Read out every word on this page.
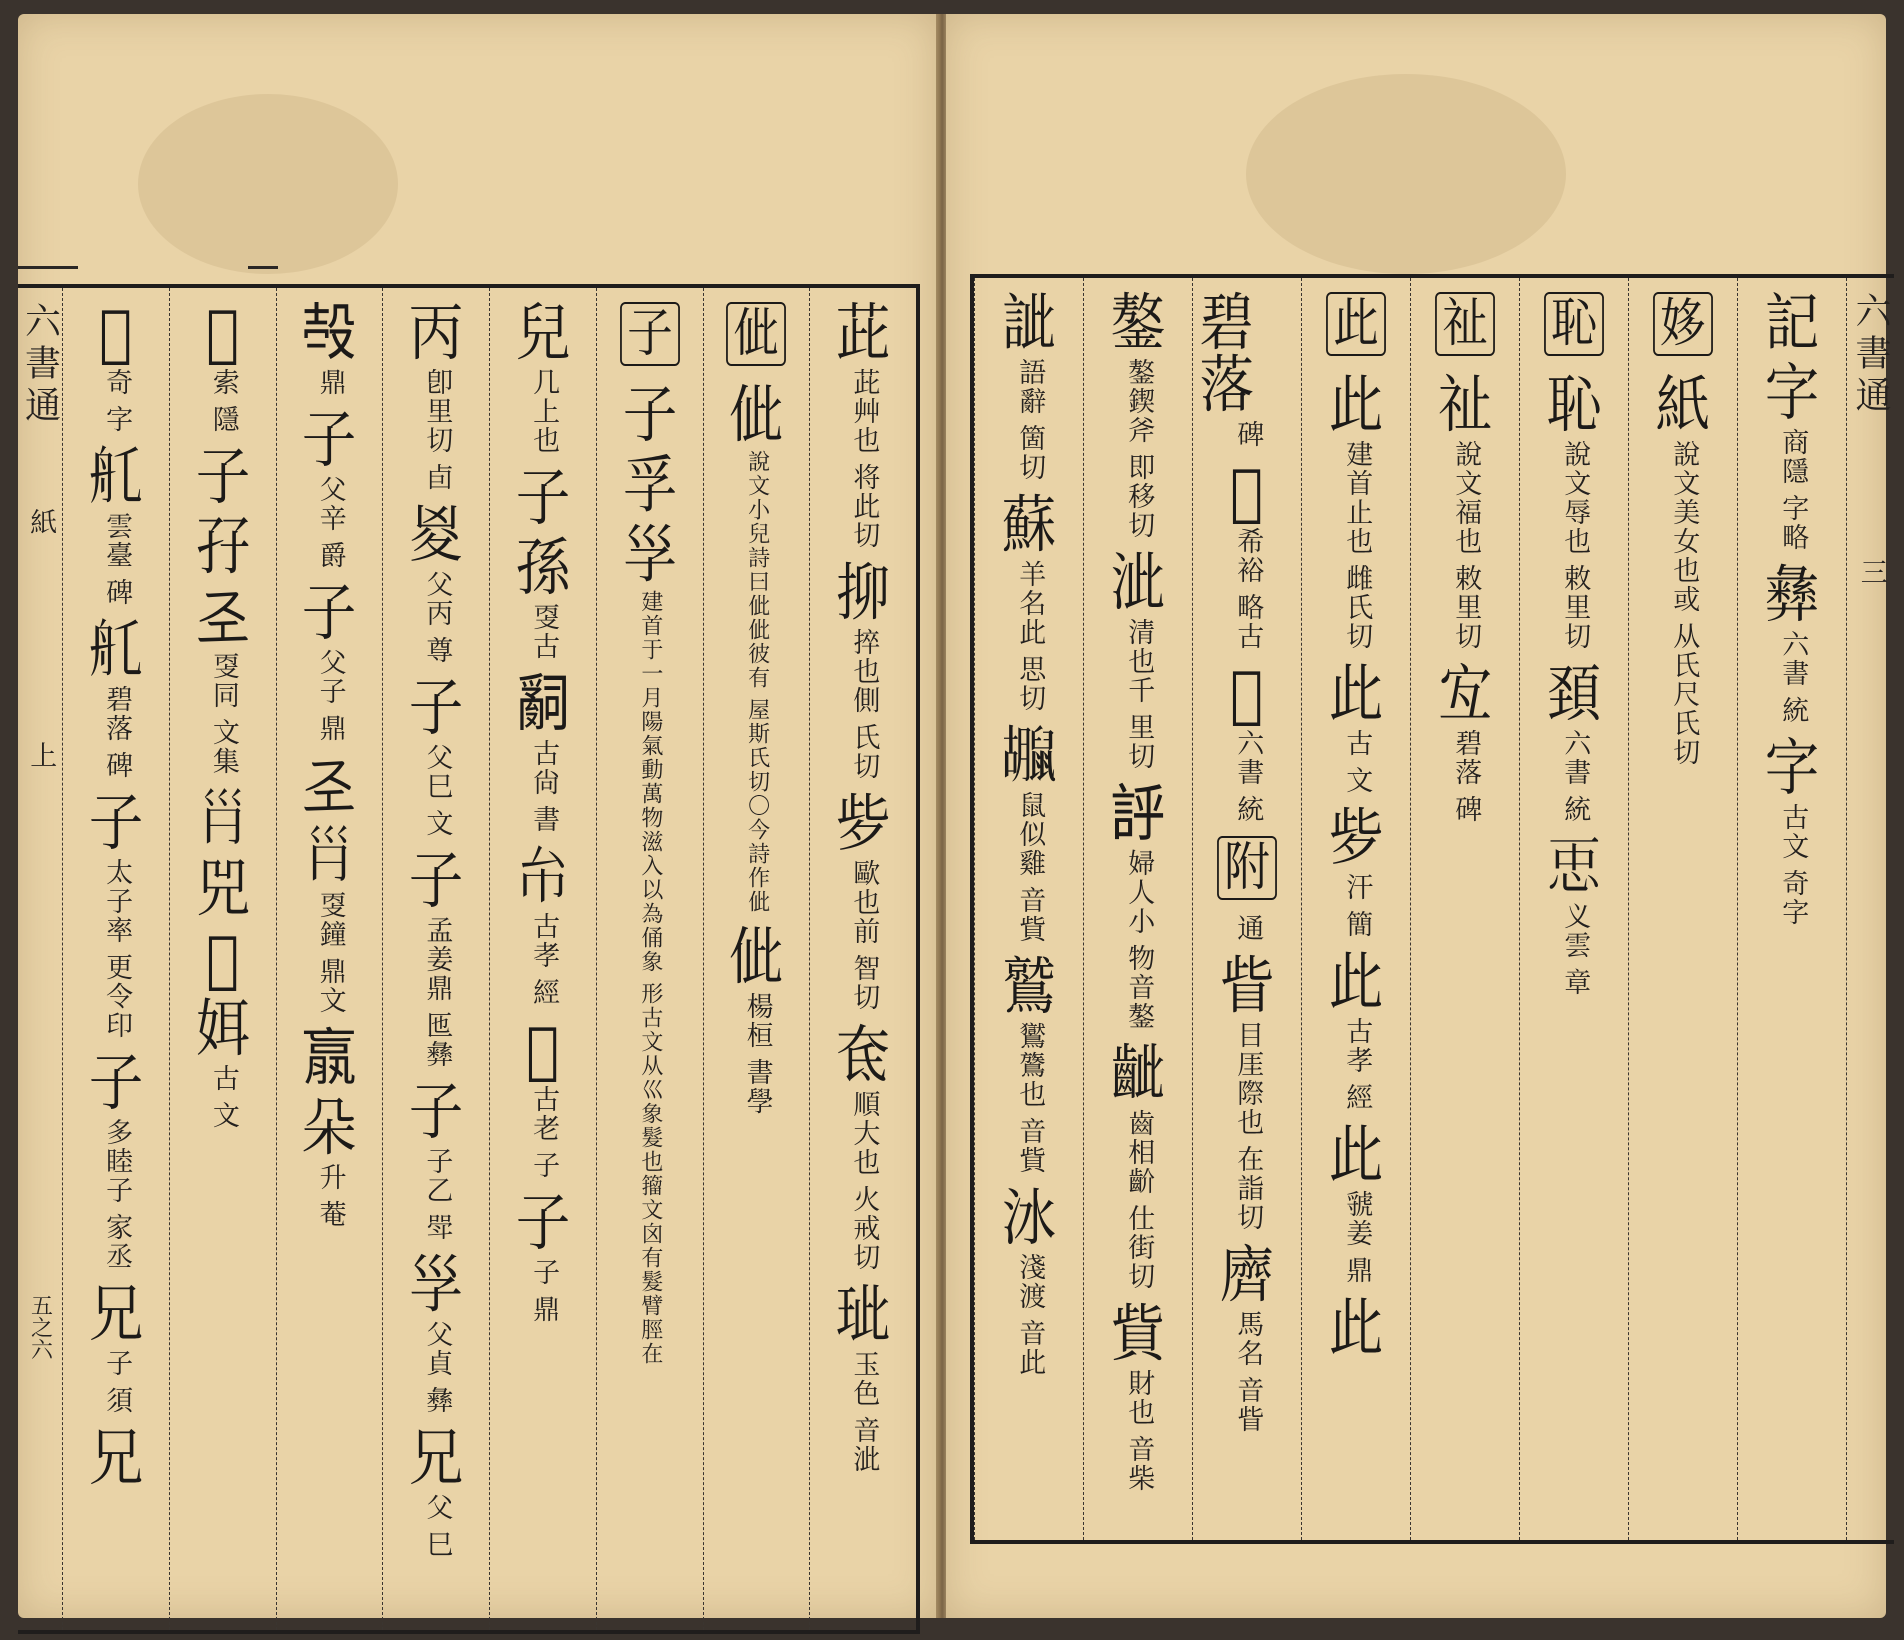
六書通
紙
上
五之六
茈
茈艸也
将此切
㧕
捽也側
氏切
㱔
歐也前
智切
奃
順大也
火戒切
玼
玉色
音泚
佌
佌
說文小兒詩曰佌佌彼有
屋斯氏切〇今詩作佌
佌
楊桓
書學
子
子
孚
㜽
建首于一月陽氣動萬物滋入以為俑象
形古文从巛象髮也籀文囟有髮臂脛在
兒
几上也
子
孫
㪅古
𤔲
古尙
書
𢁔
古孝
經
𢅥
古老
子
子
子
鼎
丙
卽里切
卣
㚇
父丙
尊
子
父巳
文
子
孟姜鼎
匜彝
子
子乙
斝
㜽
父貞
彝
兄
父
巳
𣪊
鼎
子
父辛
爵
子
父子
鼎
𢀖
𡿩
㪅鐘
鼎文
𣎆
朵
升
菴
𢅥
索
隱
子
孖
𢀖
㪅同
文集
𡿩
兕
𢅥
㛅
古
文
𢅥
奇
字
𦨊
雲臺
碑
𦨊
碧落
碑
子
太子率
更令印
子
多睦子
家丞
兄
子
須
兄
記
字
商隱
字略
彝
六書
統
字
古文
奇字
姼
紙
說文美女也或
从氏尺氏切
恥
恥
說文辱也
敕里切
頚
六書
統
𢘑
义雲
章
祉
祉
說文福也
敕里切
宐
碧落
碑
此
此
建首止也
雌氏切
此
古
文
㱔
汗
簡
此
古孝
經
此
虢姜
鼎
此
碧落
碑
𤕫
希裕
略古
𤕫
六書
統
附
通
眥
目厓際也
在詣切
𪗆
馬名
音眥
鏊
鏊鍥斧
即移切
泚
清也千
里切
𧦝
婦人小
物音鏊
齜
齒相齘
仕街切
貲
財也
音柴
訿
語辭
箇切
蘇
羊名此
思切
𪕮
鼠似雞
音貲
鷲
鸑鷟也
音貲
𣲙
淺渡
音此
六書通
三
